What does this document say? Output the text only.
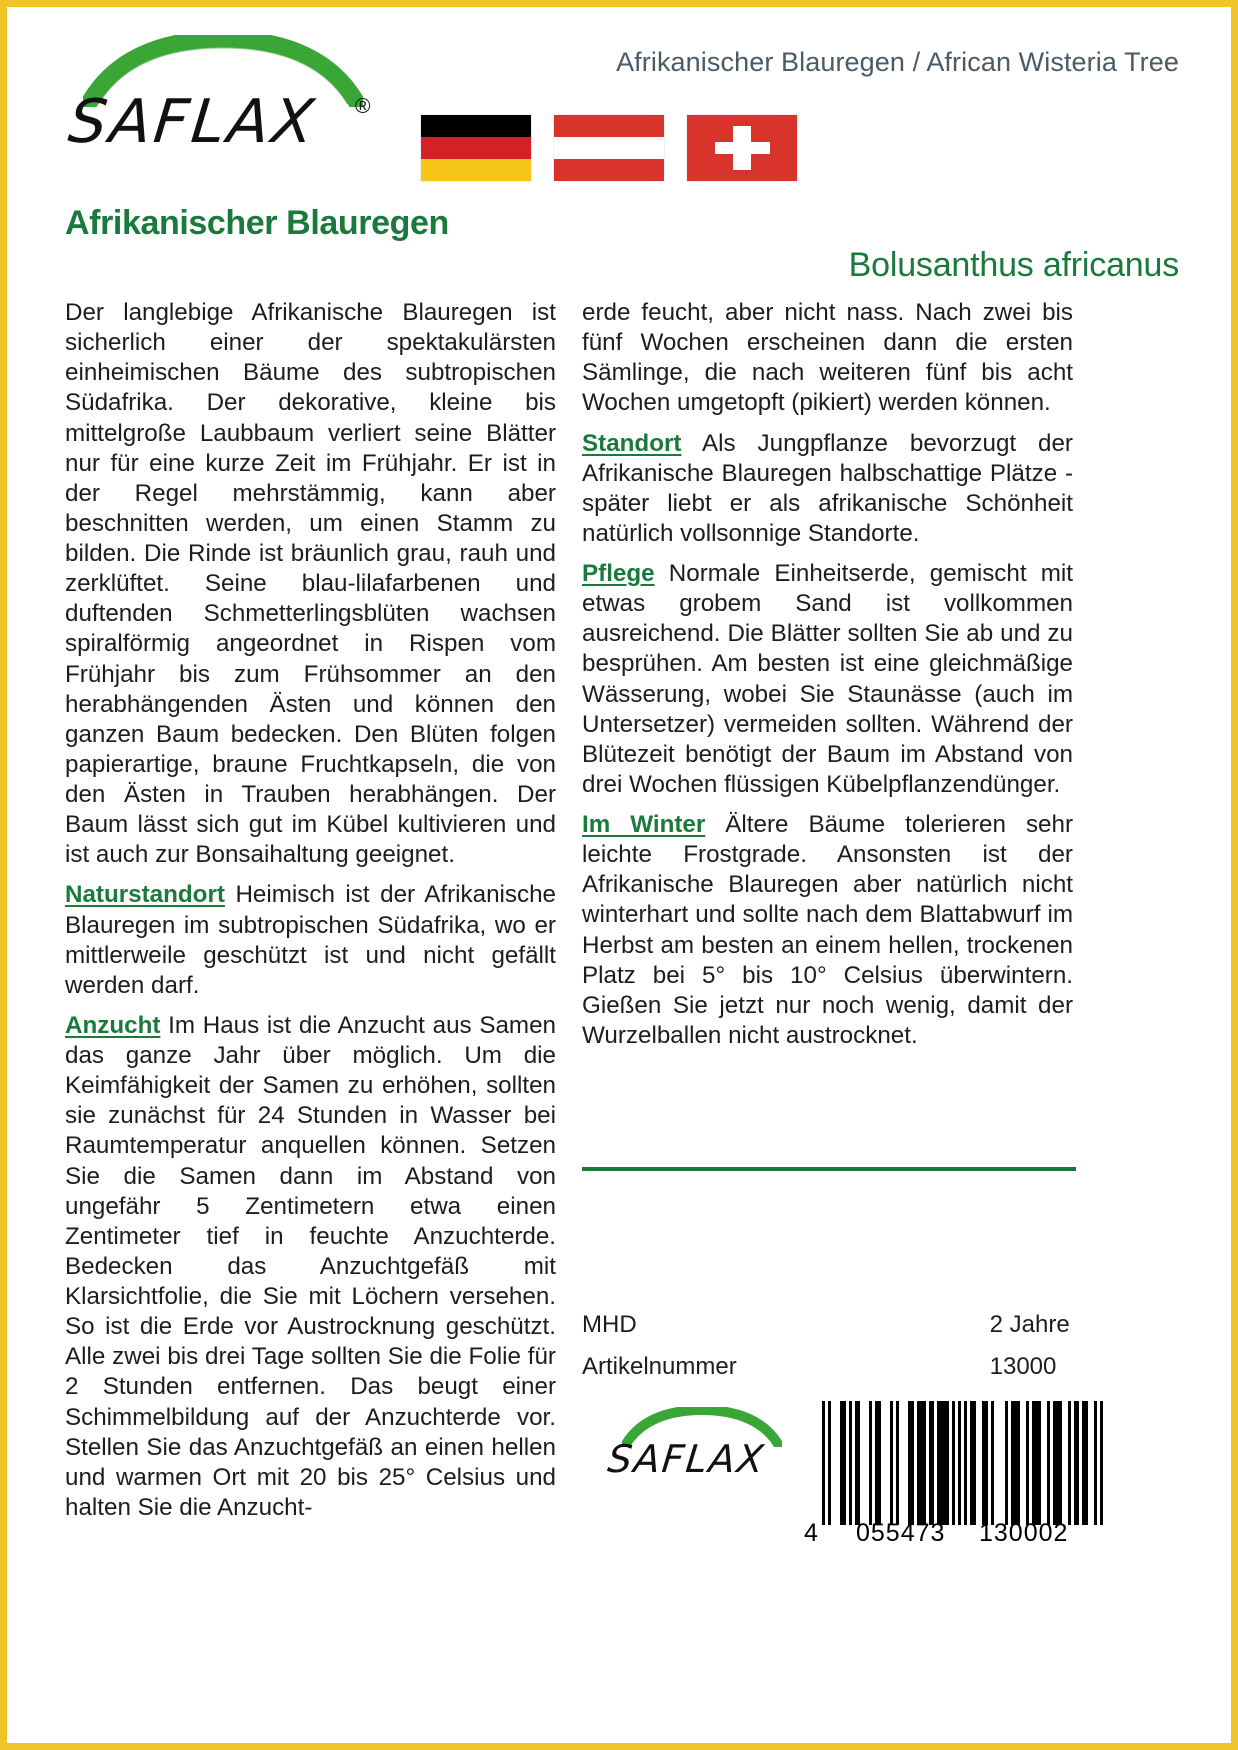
SAFLAX ®
Afrikanischer Blauregen / African Wisteria Tree
Afrikanischer Blauregen
Bolusanthus africanus

Der langlebige Afrikanische Blauregen ist sicherlich einer der spektakulärsten einheimischen Bäume des subtropischen Südafrika. Der dekorative, kleine bis mittelgroße Laubbaum verliert seine Blätter nur für eine kurze Zeit im Frühjahr. Er ist in der Regel mehrstämmig, kann aber beschnitten werden, um einen Stamm zu bilden. Die Rinde ist bräunlich grau, rauh und zerklüftet. Seine blau-lilafarbenen und duftenden Schmetterlingsblüten wachsen spiralförmig angeordnet in Rispen vom Frühjahr bis zum Frühsommer an den herabhängenden Ästen und können den ganzen Baum bedecken. Den Blüten folgen papierartige, braune Fruchtkapseln, die von den Ästen in Trauben herabhängen. Der Baum lässt sich gut im Kübel kultivieren und ist auch zur Bonsaihaltung geeignet.

Naturstandort Heimisch ist der Afrikanische Blauregen im subtropischen Südafrika, wo er mittlerweile geschützt ist und nicht gefällt werden darf.

Anzucht Im Haus ist die Anzucht aus Samen das ganze Jahr über möglich. Um die Keimfähigkeit der Samen zu erhöhen, sollten sie zunächst für 24 Stunden in Wasser bei Raumtemperatur anquellen können. Setzen Sie die Samen dann im Abstand von ungefähr 5 Zentimetern etwa einen Zentimeter tief in feuchte Anzuchterde. Bedecken das Anzuchtgefäß mit Klarsichtfolie, die Sie mit Löchern versehen. So ist die Erde vor Austrocknung geschützt. Alle zwei bis drei Tage sollten Sie die Folie für 2 Stunden entfernen. Das beugt einer Schimmelbildung auf der Anzuchterde vor. Stellen Sie das Anzuchtgefäß an einen hellen und warmen Ort mit 20 bis 25° Celsius und halten Sie die Anzucht-

erde feucht, aber nicht nass. Nach zwei bis fünf Wochen erscheinen dann die ersten Sämlinge, die nach weiteren fünf bis acht Wochen umgetopft (pikiert) werden können.

Standort Als Jungpflanze bevorzugt der Afrikanische Blauregen halbschattige Plätze - später liebt er als afrikanische Schönheit natürlich vollsonnige Standorte.

Pflege Normale Einheitserde, gemischt mit etwas grobem Sand ist vollkommen ausreichend. Die Blätter sollten Sie ab und zu besprühen. Am besten ist eine gleichmäßige Wässerung, wobei Sie Staunässe (auch im Untersetzer) vermeiden sollten. Während der Blütezeit benötigt der Baum im Abstand von drei Wochen flüssigen Kübelpflanzendünger.

Im Winter Ältere Bäume tolerieren sehr leichte Frostgrade. Ansonsten ist der Afrikanische Blauregen aber natürlich nicht winterhart und sollte nach dem Blattabwurf im Herbst am besten an einem hellen, trockenen Platz bei 5° bis 10° Celsius überwintern. Gießen Sie jetzt nur noch wenig, damit der Wurzelballen nicht austrocknet.

MHD	2 Jahre
Artikelnummer	13000
SAFLAX
4 055473 130002
